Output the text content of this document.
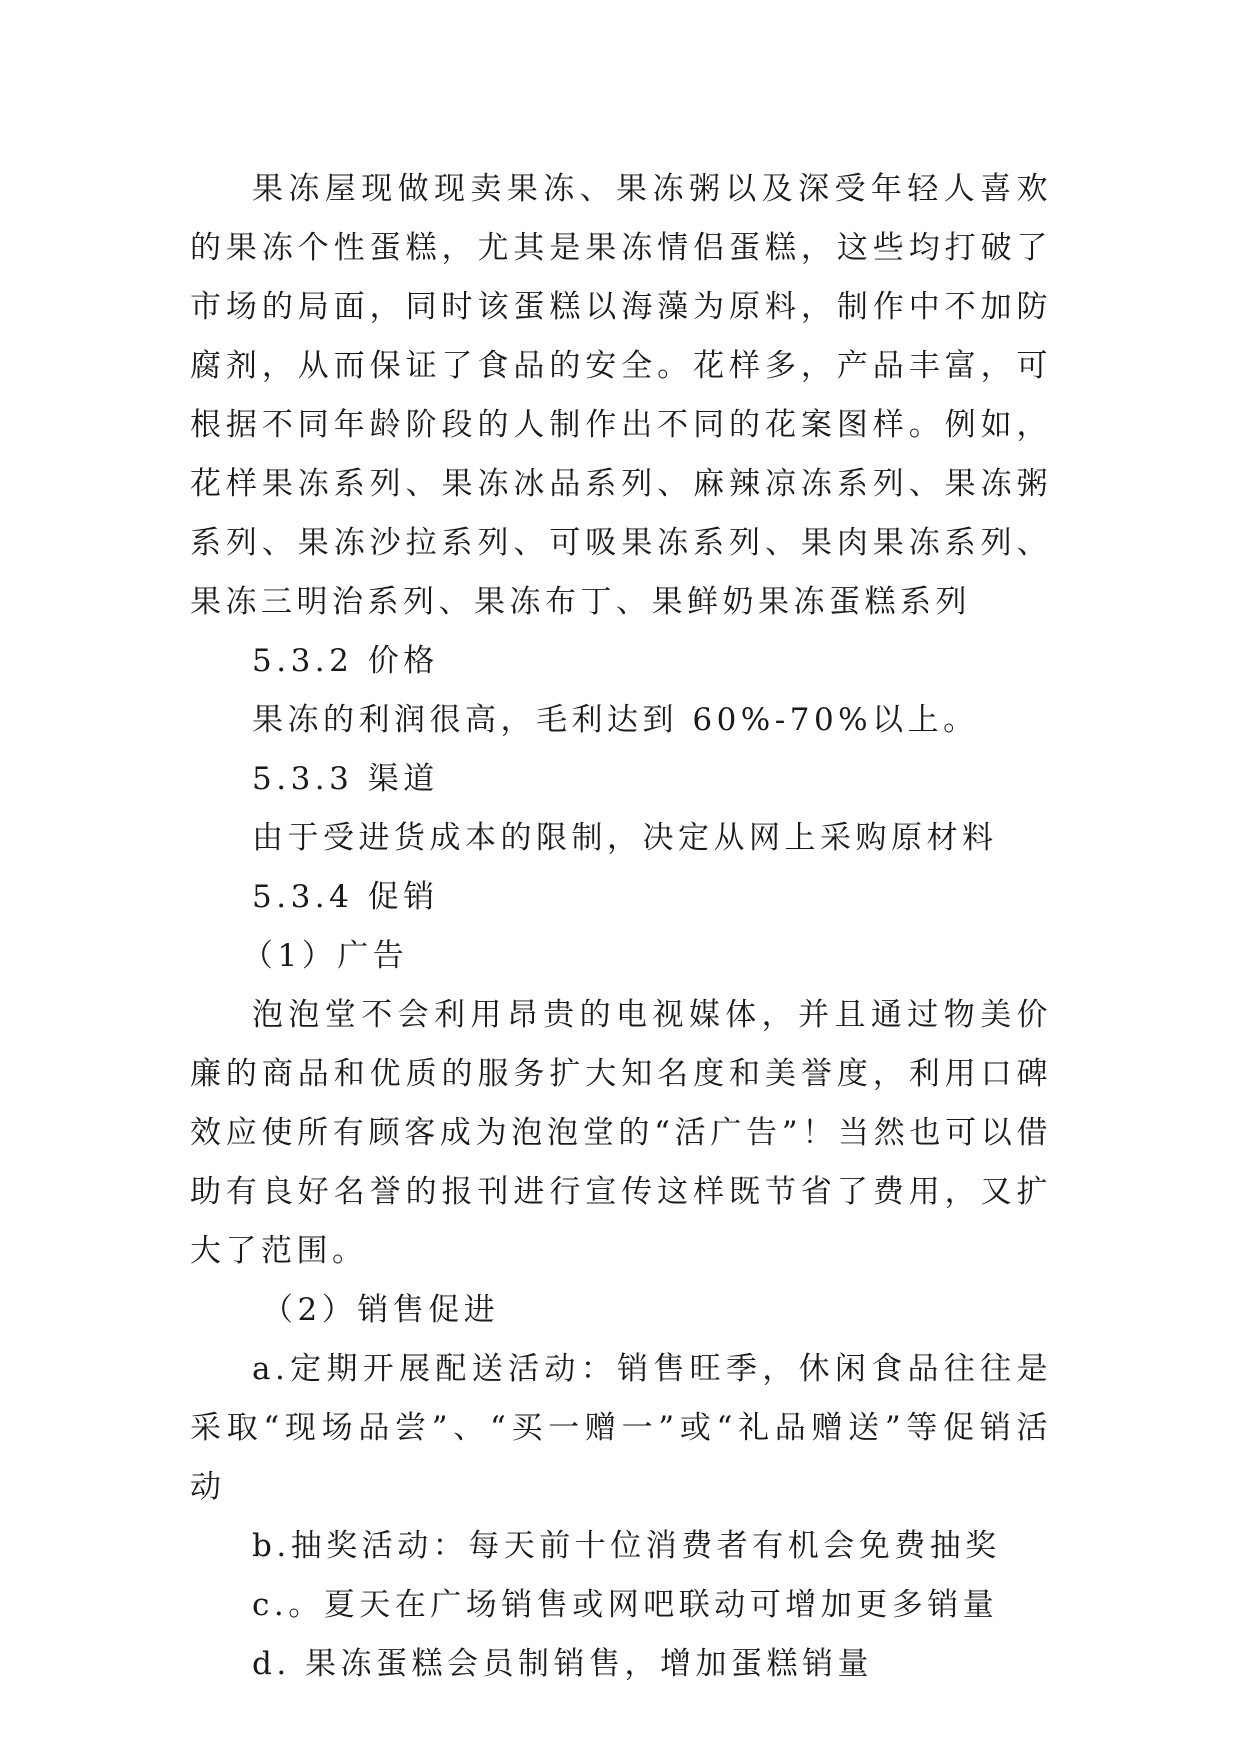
果冻屋现做现卖果冻、果冻粥以及深受年轻人喜欢的果冻个性蛋糕，尤其是果冻情侣蛋糕，这些均打破了市场的局面，同时该蛋糕以海藻为原料，制作中不加防腐剂，从而保证了食品的安全。花样多，产品丰富，可根据不同年龄阶段的人制作出不同的花案图样。例如，花样果冻系列、果冻冰品系列、麻辣凉冻系列、果冻粥系列、果冻沙拉系列、可吸果冻系列、果肉果冻系列、果冻三明治系列、果冻布丁、果鲜奶果冻蛋糕系列

5.3.2 价格

果冻的利润很高，毛利达到 60%-70%以上。

5.3.3 渠道

由于受进货成本的限制，决定从网上采购原材料

5.3.4 促销

（1）广告

泡泡堂不会利用昂贵的电视媒体，并且通过物美价廉的商品和优质的服务扩大知名度和美誉度，利用口碑效应使所有顾客成为泡泡堂的“活广告”！当然也可以借助有良好名誉的报刊进行宣传这样既节省了费用，又扩大了范围。

（2）销售促进

a.定期开展配送活动：销售旺季，休闲食品往往是采取“现场品尝”、“买一赠一”或“礼品赠送”等促销活动

b.抽奖活动：每天前十位消费者有机会免费抽奖

c.。夏天在广场销售或网吧联动可增加更多销量

d. 果冻蛋糕会员制销售，增加蛋糕销量
